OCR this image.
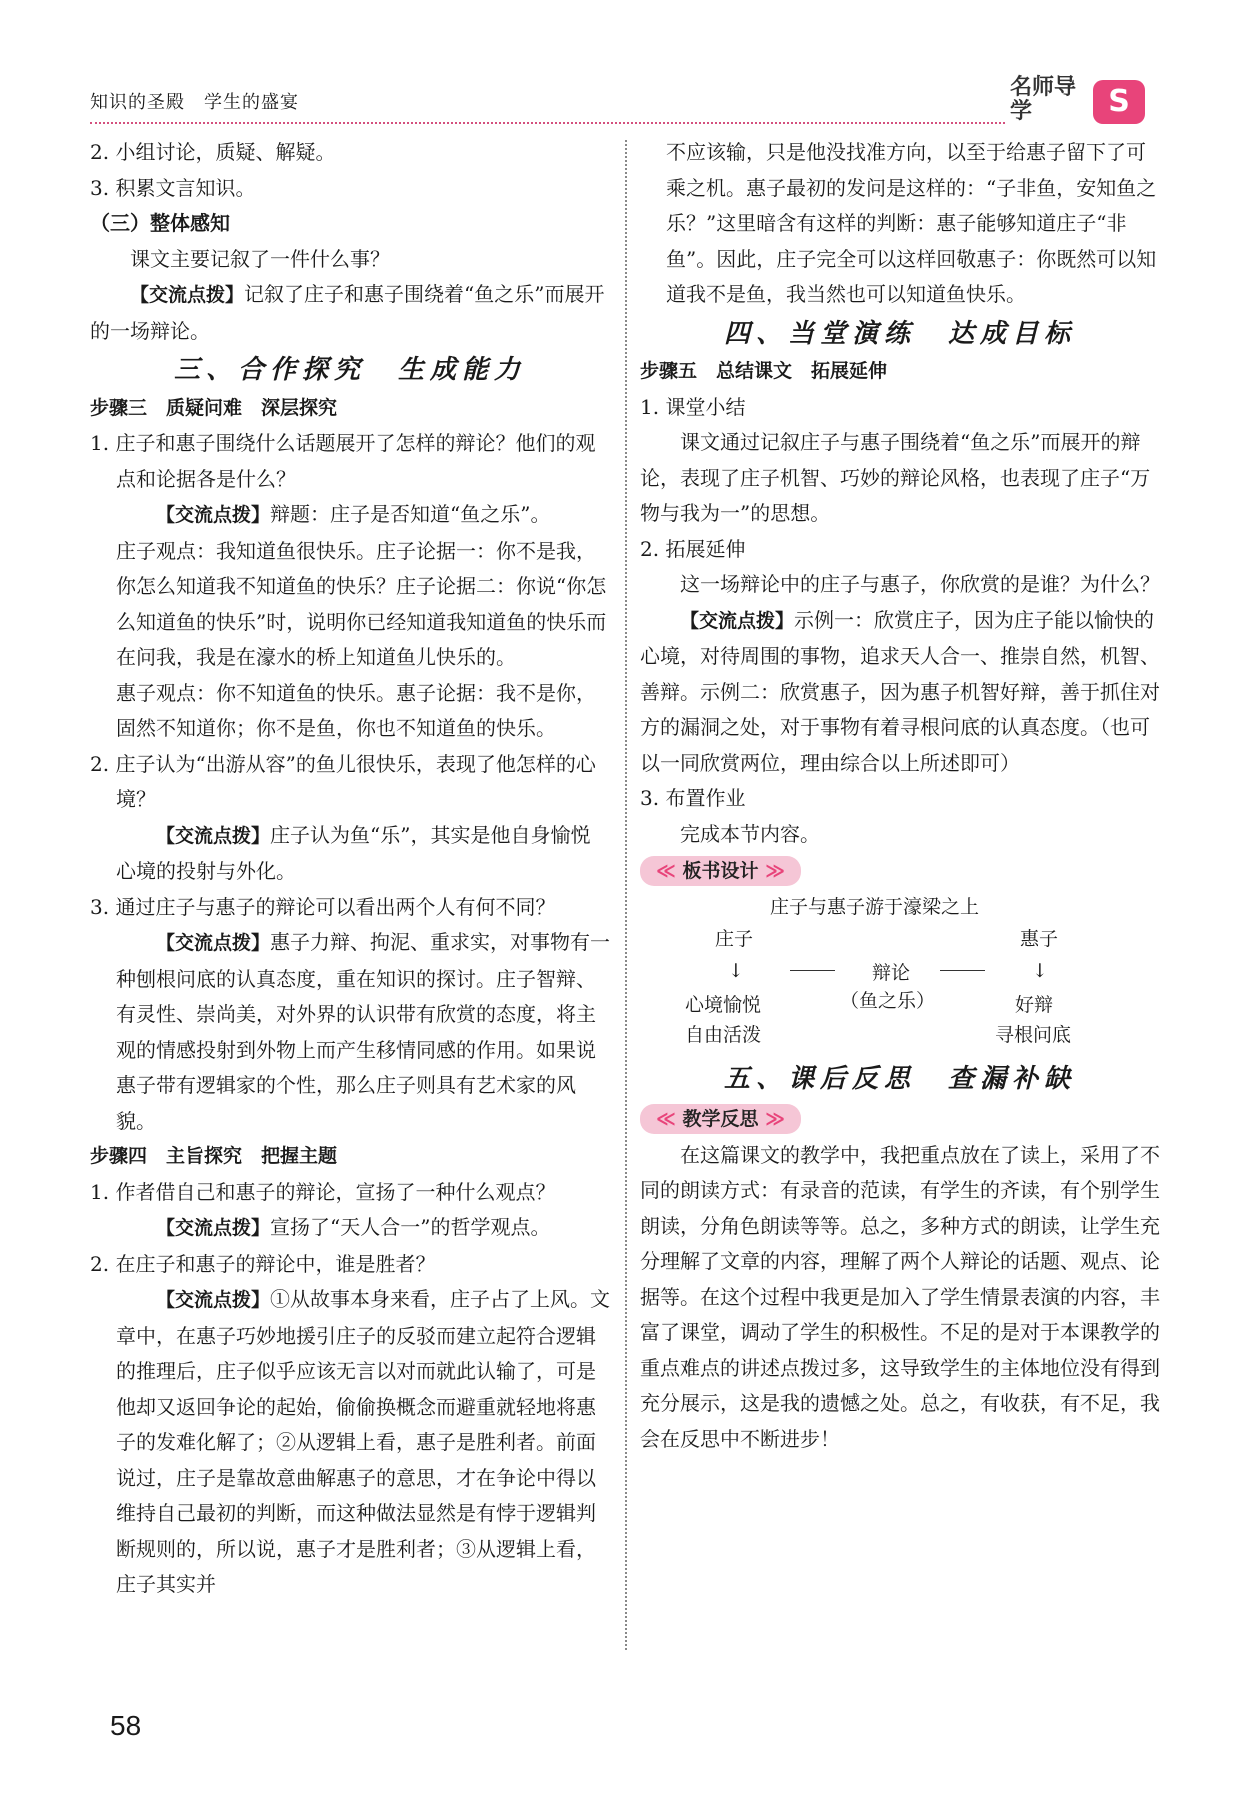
知识的圣殿　学生的盛宴
名师导学	S

2. 小组讨论，质疑、解疑。

3. 积累文言知识。

（三）整体感知

课文主要记叙了一件什么事？

【交流点拨】记叙了庄子和惠子围绕着“鱼之乐”而展开的一场辩论。

三、合作探究　生成能力

步骤三　质疑问难　深层探究

1. 庄子和惠子围绕什么话题展开了怎样的辩论？他们的观点和论据各是什么？

【交流点拨】辩题：庄子是否知道“鱼之乐”。

庄子观点：我知道鱼很快乐。庄子论据一：你不是我，你怎么知道我不知道鱼的快乐？庄子论据二：你说“你怎么知道鱼的快乐”时，说明你已经知道我知道鱼的快乐而在问我，我是在濠水的桥上知道鱼儿快乐的。

惠子观点：你不知道鱼的快乐。惠子论据：我不是你，固然不知道你；你不是鱼，你也不知道鱼的快乐。

2. 庄子认为“出游从容”的鱼儿很快乐，表现了他怎样的心境？

【交流点拨】庄子认为鱼“乐”，其实是他自身愉悦心境的投射与外化。

3. 通过庄子与惠子的辩论可以看出两个人有何不同？

【交流点拨】惠子力辩、拘泥、重求实，对事物有一种刨根问底的认真态度，重在知识的探讨。庄子智辩、有灵性、崇尚美，对外界的认识带有欣赏的态度，将主观的情感投射到外物上而产生移情同感的作用。如果说惠子带有逻辑家的个性，那么庄子则具有艺术家的风貌。

步骤四　主旨探究　把握主题

1. 作者借自己和惠子的辩论，宣扬了一种什么观点？

【交流点拨】宣扬了“天人合一”的哲学观点。

2. 在庄子和惠子的辩论中，谁是胜者？

【交流点拨】①从故事本身来看，庄子占了上风。文章中，在惠子巧妙地援引庄子的反驳而建立起符合逻辑的推理后，庄子似乎应该无言以对而就此认输了，可是他却又返回争论的起始，偷偷换概念而避重就轻地将惠子的发难化解了；②从逻辑上看，惠子是胜利者。前面说过，庄子是靠故意曲解惠子的意思，才在争论中得以维持自己最初的判断，而这种做法显然是有悖于逻辑判断规则的，所以说，惠子才是胜利者；③从逻辑上看，庄子其实并

不应该输，只是他没找准方向，以至于给惠子留下了可乘之机。惠子最初的发问是这样的：“子非鱼，安知鱼之乐？”这里暗含有这样的判断：惠子能够知道庄子“非鱼”。因此，庄子完全可以这样回敬惠子：你既然可以知道我不是鱼，我当然也可以知道鱼快乐。

四、当堂演练　达成目标

步骤五　总结课文　拓展延伸

1. 课堂小结

课文通过记叙庄子与惠子围绕着“鱼之乐”而展开的辩论，表现了庄子机智、巧妙的辩论风格，也表现了庄子“万物与我为一”的思想。

2. 拓展延伸

这一场辩论中的庄子与惠子，你欣赏的是谁？为什么？

【交流点拨】示例一：欣赏庄子，因为庄子能以愉快的心境，对待周围的事物，追求天人合一、推崇自然，机智、善辩。示例二：欣赏惠子，因为惠子机智好辩，善于抓住对方的漏洞之处，对于事物有着寻根问底的认真态度。（也可以一同欣赏两位，理由综合以上所述即可）

3. 布置作业

完成本节内容。

≪ 板书设计 ≫
庄子与惠子游于濠梁之上
庄子	惠子
↓	↓
辩论
（鱼之乐）
心境愉悦
自由活泼
好辩
寻根问底

五、课后反思　查漏补缺

≪ 教学反思 ≫

在这篇课文的教学中，我把重点放在了读上，采用了不同的朗读方式：有录音的范读，有学生的齐读，有个别学生朗读，分角色朗读等等。总之，多种方式的朗读，让学生充分理解了文章的内容，理解了两个人辩论的话题、观点、论据等。在这个过程中我更是加入了学生情景表演的内容，丰富了课堂，调动了学生的积极性。不足的是对于本课教学的重点难点的讲述点拨过多，这导致学生的主体地位没有得到充分展示，这是我的遗憾之处。总之，有收获，有不足，我会在反思中不断进步！

58
